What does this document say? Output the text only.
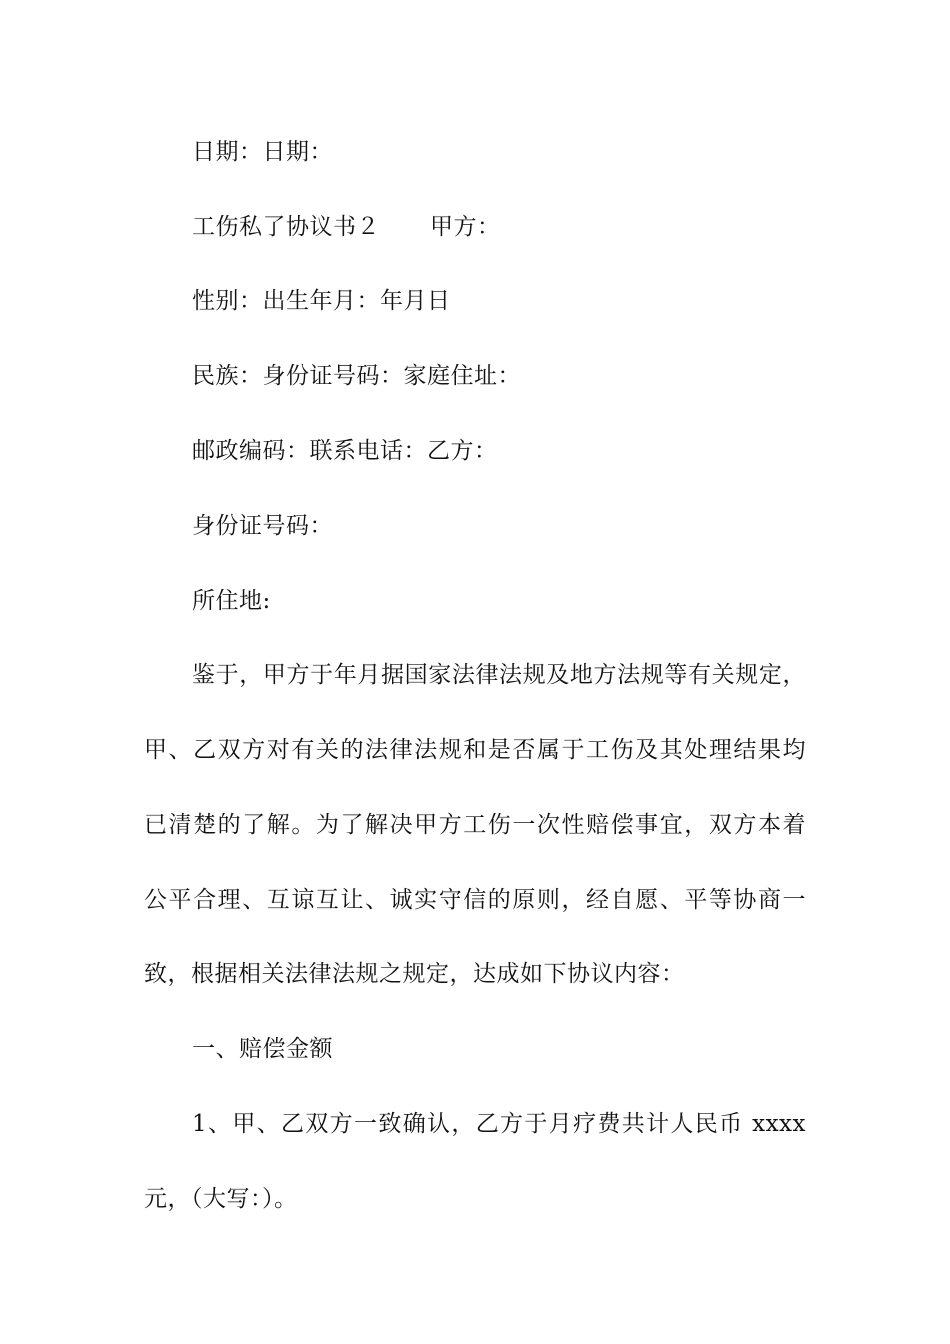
日期：日期：
工伤私了协议书２ 甲方：
性别：出生年月：年月日
民族：身份证号码：家庭住址：
邮政编码：联系电话：乙方：
身份证号码：
所住地:
鉴于，甲方于年月据国家法律法规及地方法规等有关规定，
甲、乙双方对有关的法律法规和是否属于工伤及其处理结果均
已清楚的了解。为了解决甲方工伤一次性赔偿事宜，双方本着
公平合理、互谅互让、诚实守信的原则，经自愿、平等协商一
致，根据相关法律法规之规定，达成如下协议内容：
一、赔偿金额
1、甲、乙双方一致确认，乙方于月疗费共计人民币 xxxx
元，（大写：）。
